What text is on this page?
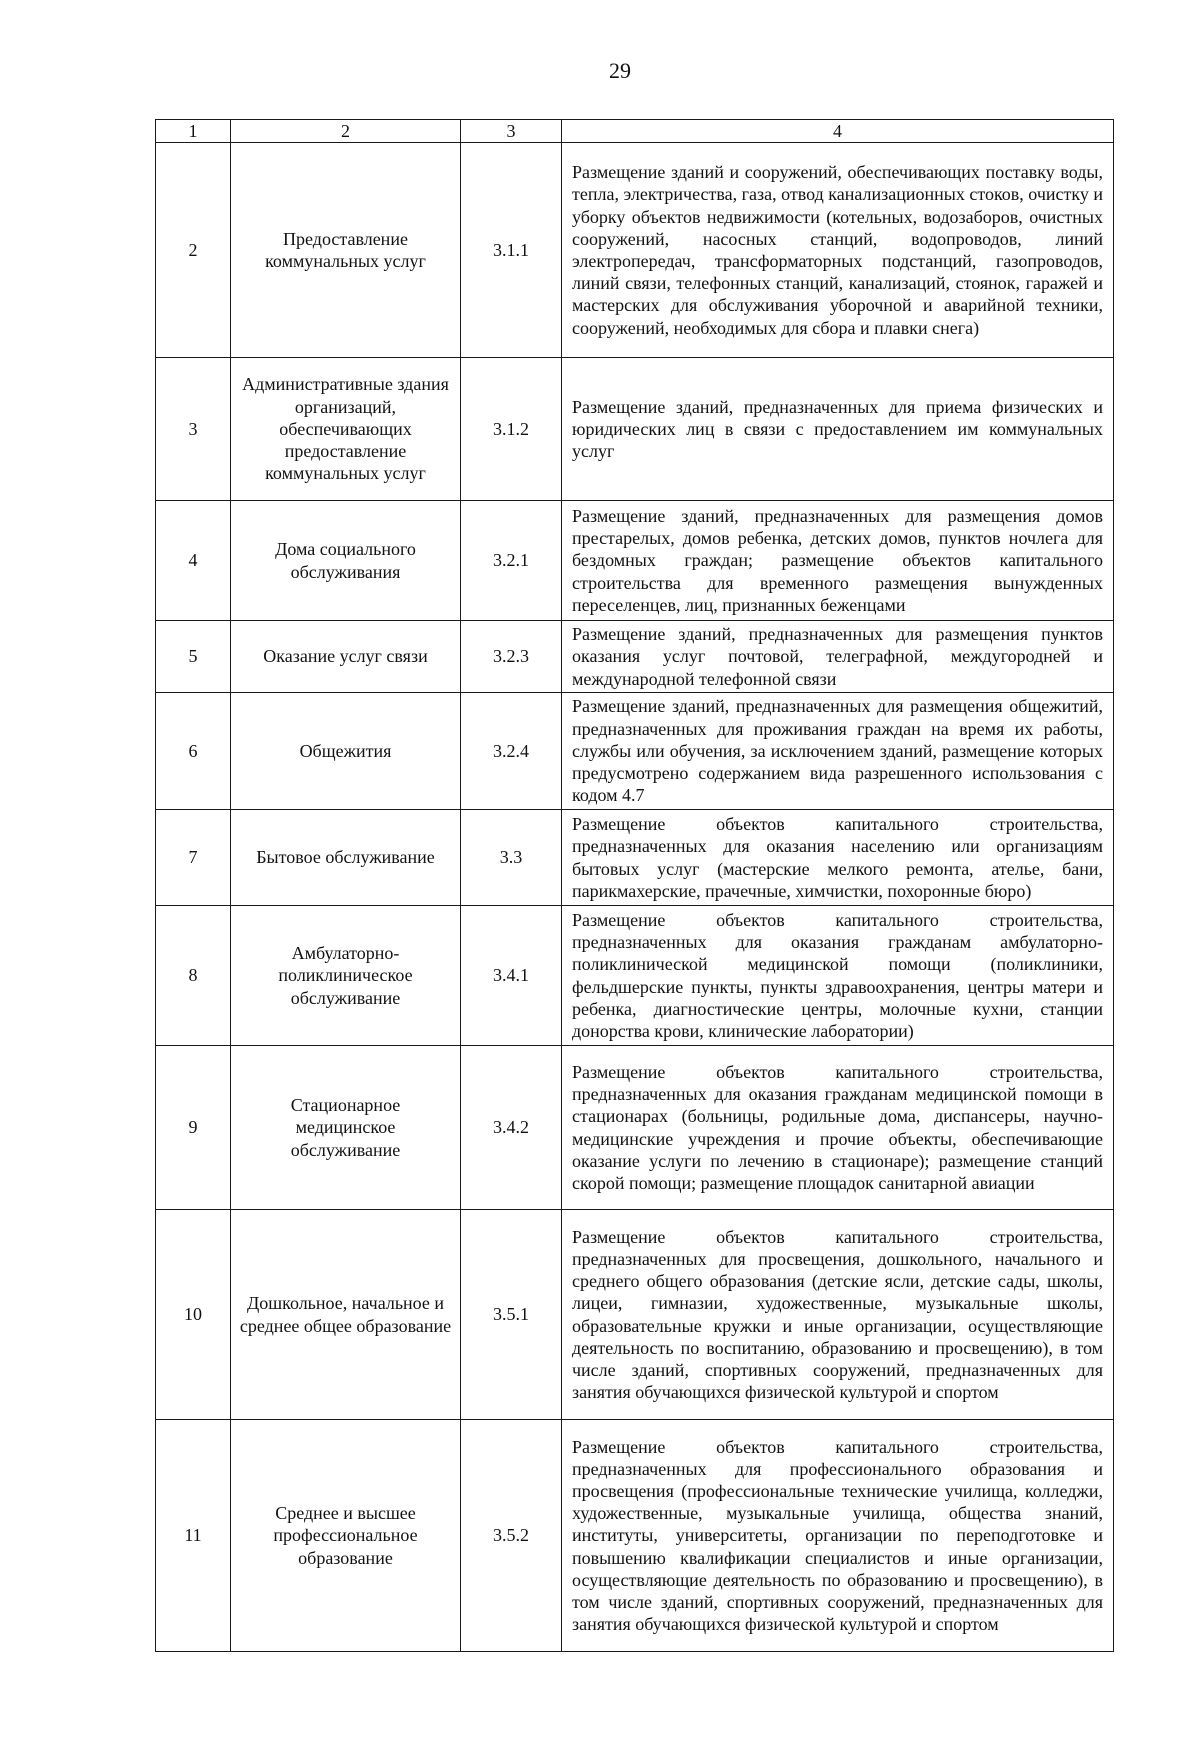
29
1	2	3	4
2	Предоставление коммунальных услуг	3.1.1	Размещение зданий и сооружений, обеспечивающих поставку воды, тепла, электричества, газа, отвод канализационных стоков, очистку и уборку объектов недвижимости (котельных, водозаборов, очистных сооружений, насосных станций, водопроводов, линий электропередач, трансформаторных подстанций, газопроводов, линий связи, телефонных станций, канализаций, стоянок, гаражей и мастерских для обслуживания уборочной и аварийной техники, сооружений, необходимых для сбора и плавки снега)
3	Административные здания организаций, обеспечивающих предоставление коммунальных услуг	3.1.2	Размещение зданий, предназначенных для приема физических и юридических лиц в связи с предоставлением им коммунальных услуг
4	Дома социального обслуживания	3.2.1	Размещение зданий, предназначенных для размещения домов престарелых, домов ребенка, детских домов, пунктов ночлега для бездомных граждан; размещение объектов капитального строительства для временного размещения вынужденных переселенцев, лиц, признанных беженцами
5	Оказание услуг связи	3.2.3	Размещение зданий, предназначенных для размещения пунктов оказания услуг почтовой, телеграфной, междугородней и международной телефонной связи
6	Общежития	3.2.4	Размещение зданий, предназначенных для размещения общежитий, предназначенных для проживания граждан на время их работы, службы или обучения, за исключением зданий, размещение которых предусмотрено содержанием вида разрешенного использования с кодом 4.7
7	Бытовое обслуживание	3.3	Размещение объектов капитального строительства, предназначенных для оказания населению или организациям бытовых услуг (мастерские мелкого ремонта, ателье, бани, парикмахерские, прачечные, химчистки, похоронные бюро)
8	Амбулаторно-поликлиническое обслуживание	3.4.1	Размещение объектов капитального строительства, предназначенных для оказания гражданам амбулаторно-поликлинической медицинской помощи (поликлиники, фельдшерские пункты, пункты здравоохранения, центры матери и ребенка, диагностические центры, молочные кухни, станции донорства крови, клинические лаборатории)
9	Стационарное медицинское обслуживание	3.4.2	Размещение объектов капитального строительства, предназначенных для оказания гражданам медицинской помощи в стационарах (больницы, родильные дома, диспансеры, научно-медицинские учреждения и прочие объекты, обеспечивающие оказание услуги по лечению в стационаре); размещение станций скорой помощи; размещение площадок санитарной авиации
10	Дошкольное, начальное и среднее общее образование	3.5.1	Размещение объектов капитального строительства, предназначенных для просвещения, дошкольного, начального и среднего общего образования (детские ясли, детские сады, школы, лицеи, гимназии, художественные, музыкальные школы, образовательные кружки и иные организации, осуществляющие деятельность по воспитанию, образованию и просвещению), в том числе зданий, спортивных сооружений, предназначенных для занятия обучающихся физической культурой и спортом
11	Среднее и высшее профессиональное образование	3.5.2	Размещение объектов капитального строительства, предназначенных для профессионального образования и просвещения (профессиональные технические училища, колледжи, художественные, музыкальные училища, общества знаний, институты, университеты, организации по переподготовке и повышению квалификации специалистов и иные организации, осуществляющие деятельность по образованию и просвещению), в том числе зданий, спортивных сооружений, предназначенных для занятия обучающихся физической культурой и спортом
